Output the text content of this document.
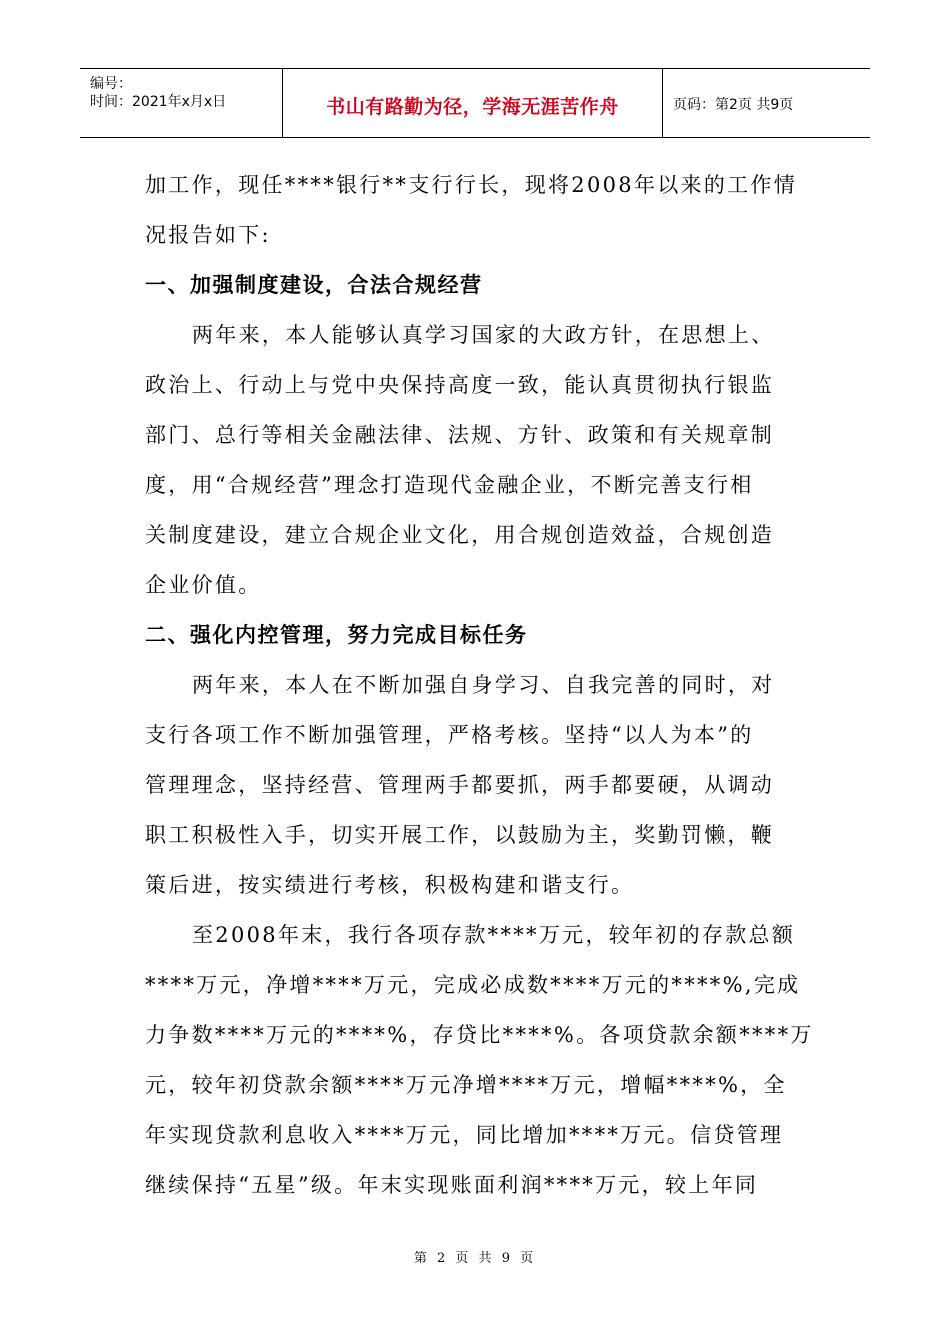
编号：
时间：2021年x月x日	书山有路勤为径，学海无涯苦作舟	页码：第2页 共9页
加工作，现任****银行**支行行长，现将2008年以来的工作情
况报告如下:
一、加强制度建设，合法合规经营
两年来，本人能够认真学习国家的大政方针，在思想上、
政治上、行动上与党中央保持高度一致，能认真贯彻执行银监
部门、总行等相关金融法律、法规、方针、政策和有关规章制
度，用“合规经营”理念打造现代金融企业，不断完善支行相
关制度建设，建立合规企业文化，用合规创造效益，合规创造
企业价值。
二、强化内控管理，努力完成目标任务
两年来，本人在不断加强自身学习、自我完善的同时，对
支行各项工作不断加强管理，严格考核。坚持“以人为本”的
管理理念，坚持经营、管理两手都要抓，两手都要硬，从调动
职工积极性入手，切实开展工作，以鼓励为主，奖勤罚懒，鞭
策后进，按实绩进行考核，积极构建和谐支行。
至2008年末，我行各项存款****万元，较年初的存款总额
****万元，净增****万元，完成必成数****万元的****%,完成
力争数****万元的****%，存贷比****%。各项贷款余额****万
元，较年初贷款余额****万元净增****万元，增幅****%，全
年实现贷款利息收入****万元，同比增加****万元。信贷管理
继续保持“五星”级。年末实现账面利润****万元，较上年同
第 2 页 共 9 页
